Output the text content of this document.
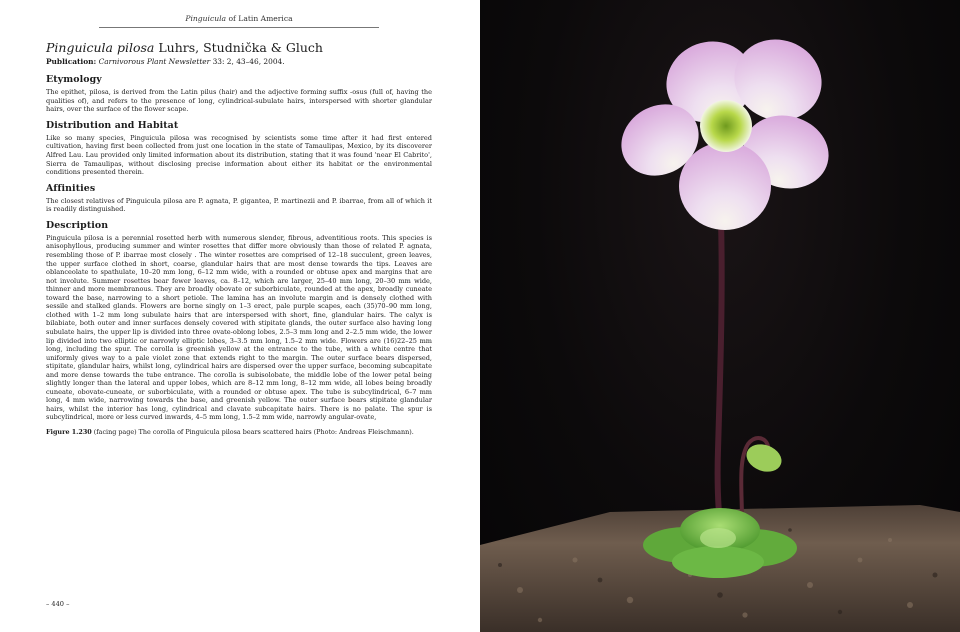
Pinguicula of Latin America
Pinguicula pilosa Luhrs, Studnička & Gluch
Publication: Carnivorous Plant Newsletter 33: 2, 43–46, 2004.
Etymology

The epithet, pilosa, is derived from the Latin pilus (hair) and the adjective forming suffix -osus (full of, having the qualities of), and refers to the presence of long, cylindrical-subulate hairs, interspersed with shorter glandular hairs, over the surface of the flower scape.

Distribution and Habitat

Like so many species, Pinguicula pilosa was recognised by scientists some time after it had first entered cultivation, having first been collected from just one location in the state of Tamaulipas, Mexico, by its discoverer Alfred Lau. Lau provided only limited information about its distribution, stating that it was found 'near El Cabrito', Sierra de Tamaulipas, without disclosing precise information about either its habitat or the environmental conditions presented therein.

Affinities

The closest relatives of Pinguicula pilosa are P. agnata, P. gigantea, P. martinezii and P. ibarrae, from all of which it is readily distinguished.

Description

Pinguicula pilosa is a perennial rosetted herb with numerous slender, fibrous, adventitious roots. This species is anisophyllous, producing summer and winter rosettes that differ more obviously than those of related P. agnata, resembling those of P. ibarrae most closely . The winter rosettes are comprised of 12–18 succulent, green leaves, the upper surface clothed in short, coarse, glandular hairs that are most dense towards the tips. Leaves are oblanceolate to spathulate, 10–20 mm long, 6–12 mm wide, with a rounded or obtuse apex and margins that are not involute. Summer rosettes bear fewer leaves, ca. 8–12, which are larger, 25–40 mm long, 20–30 mm wide, thinner and more membranous. They are broadly obovate or suborbiculate, rounded at the apex, broadly cuneate toward the base, narrowing to a short petiole. The lamina has an involute margin and is densely clothed with sessile and stalked glands. Flowers are borne singly on 1–3 erect, pale purple scapes, each (35)70–90 mm long, clothed with 1–2 mm long subulate hairs that are interspersed with short, fine, glandular hairs. The calyx is bilabiate, both outer and inner surfaces densely covered with stipitate glands, the outer surface also having long subulate hairs, the upper lip is divided into three ovate-oblong lobes, 2.5–3 mm long and 2–2.5 mm wide, the lower lip divided into two elliptic or narrowly elliptic lobes, 3–3.5 mm long, 1.5–2 mm wide. Flowers are (16)22–25 mm long, including the spur. The corolla is greenish yellow at the entrance to the tube, with a white centre that uniformly gives way to a pale violet zone that extends right to the margin. The outer surface bears dispersed, stipitate, glandular hairs, whilst long, cylindrical hairs are dispersed over the upper surface, becoming subcapitate and more dense towards the tube entrance. The corolla is subisolobate, the middle lobe of the lower petal being slightly longer than the lateral and upper lobes, which are 8–12 mm long, 8–12 mm wide, all lobes being broadly cuneate, obovate-cuneate, or suborbiculate, with a rounded or obtuse apex. The tube is subcylindrical, 6–7 mm long, 4 mm wide, narrowing towards the base, and greenish yellow. The outer surface bears stipitate glandular hairs, whilst the interior has long, cylindrical and clavate subcapitate hairs. There is no palate. The spur is subcylindrical, more or less curved inwards, 4–5 mm long, 1.5–2 mm wide, narrowly angular-ovate,

Figure 1.230 (facing page) The corolla of Pinguicula pilosa bears scattered hairs (Photo: Andreas Fleischmann).
– 440 –
